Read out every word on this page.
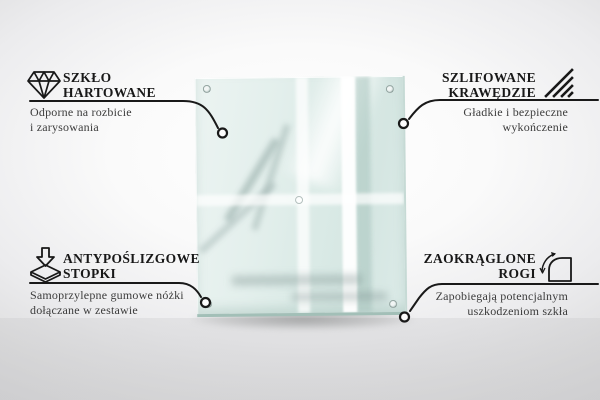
SZKŁO
HARTOWANE
Odporne na rozbicie
i zarysowania
SZLIFOWANE
KRAWĘDZIE
Gładkie i bezpieczne
wykończenie
ANTYPOŚLIZGOWE
STOPKI
Samoprzylepne gumowe nóżki
dołączane w zestawie
ZAOKRĄGLONE
ROGI
Zapobiegają potencjalnym
uszkodzeniom szkła
